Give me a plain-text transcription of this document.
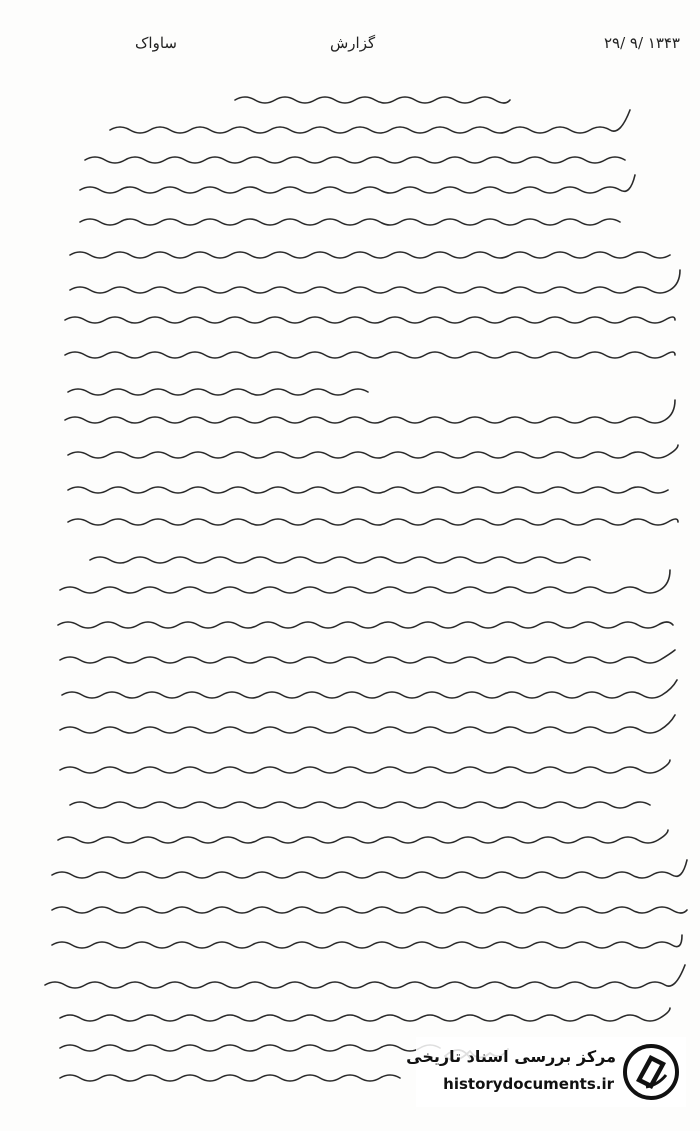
۲۹/ ۹/ ۱۳۴۳
گزارش
ساواک
مرکز بررسی اسناد تاریخی
historydocuments.ir
